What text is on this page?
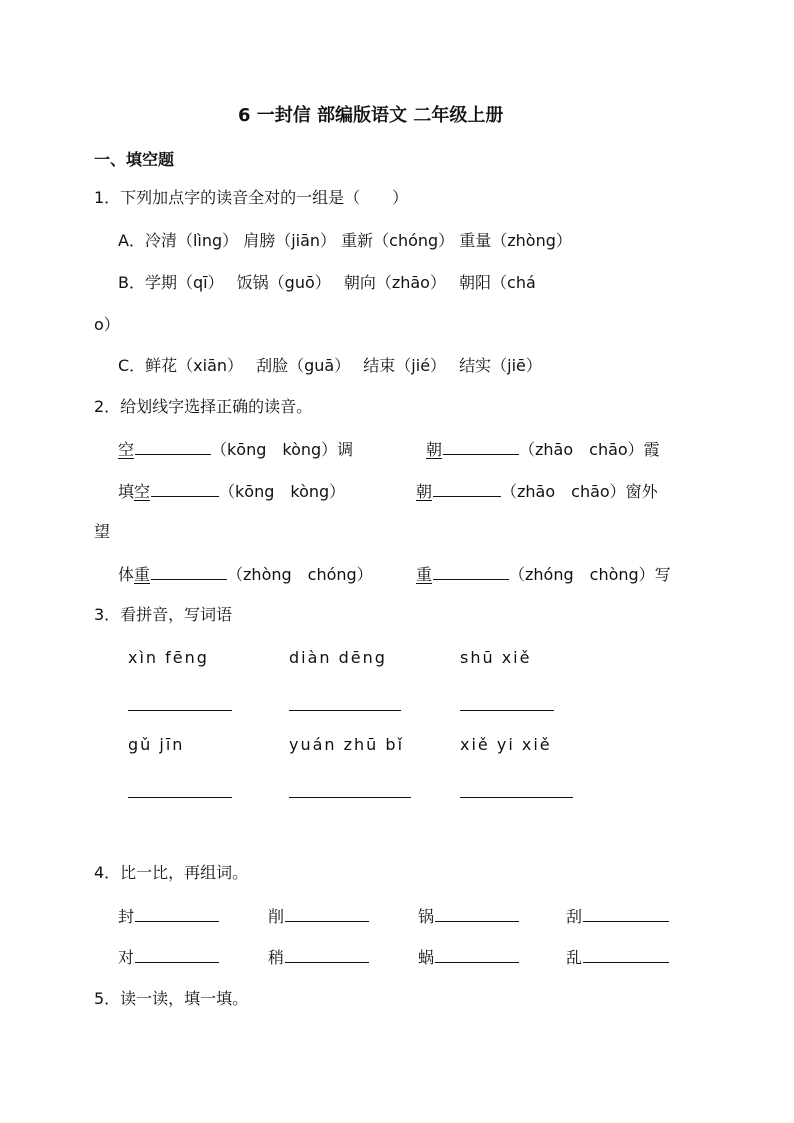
6 一封信 部编版语文 二年级上册
一、填空题
1．下列加点字的读音全对的一组是（　　）
A．冷清（lìng） 肩膀（jiān） 重新（chóng） 重量（zhòng）
B．学期（qī）　 饭锅（guō）　 朝向（zhāo）　 朝阳（chá
o）
C．鲜花（xiān）　 刮脸（guā）　 结束（jié）　 结实（jiē）
2．给划线字选择正确的读音。
空	（kōng　kòng）调	朝	（zhāo　chāo）霞
填空	（kōng　kòng）	朝	（zhāo　chāo）窗外
望
体重	（zhòng　chóng）	重	（zhóng　chòng）写
3．看拼音，写词语
xìn fēng	diàn dēng	shū xiě
gǔ jīn	yuán zhū bǐ	xiě yi xiě
4．比一比，再组词。
封	削	锅	刮
对	稍	蜗	乱
5．读一读，填一填。
